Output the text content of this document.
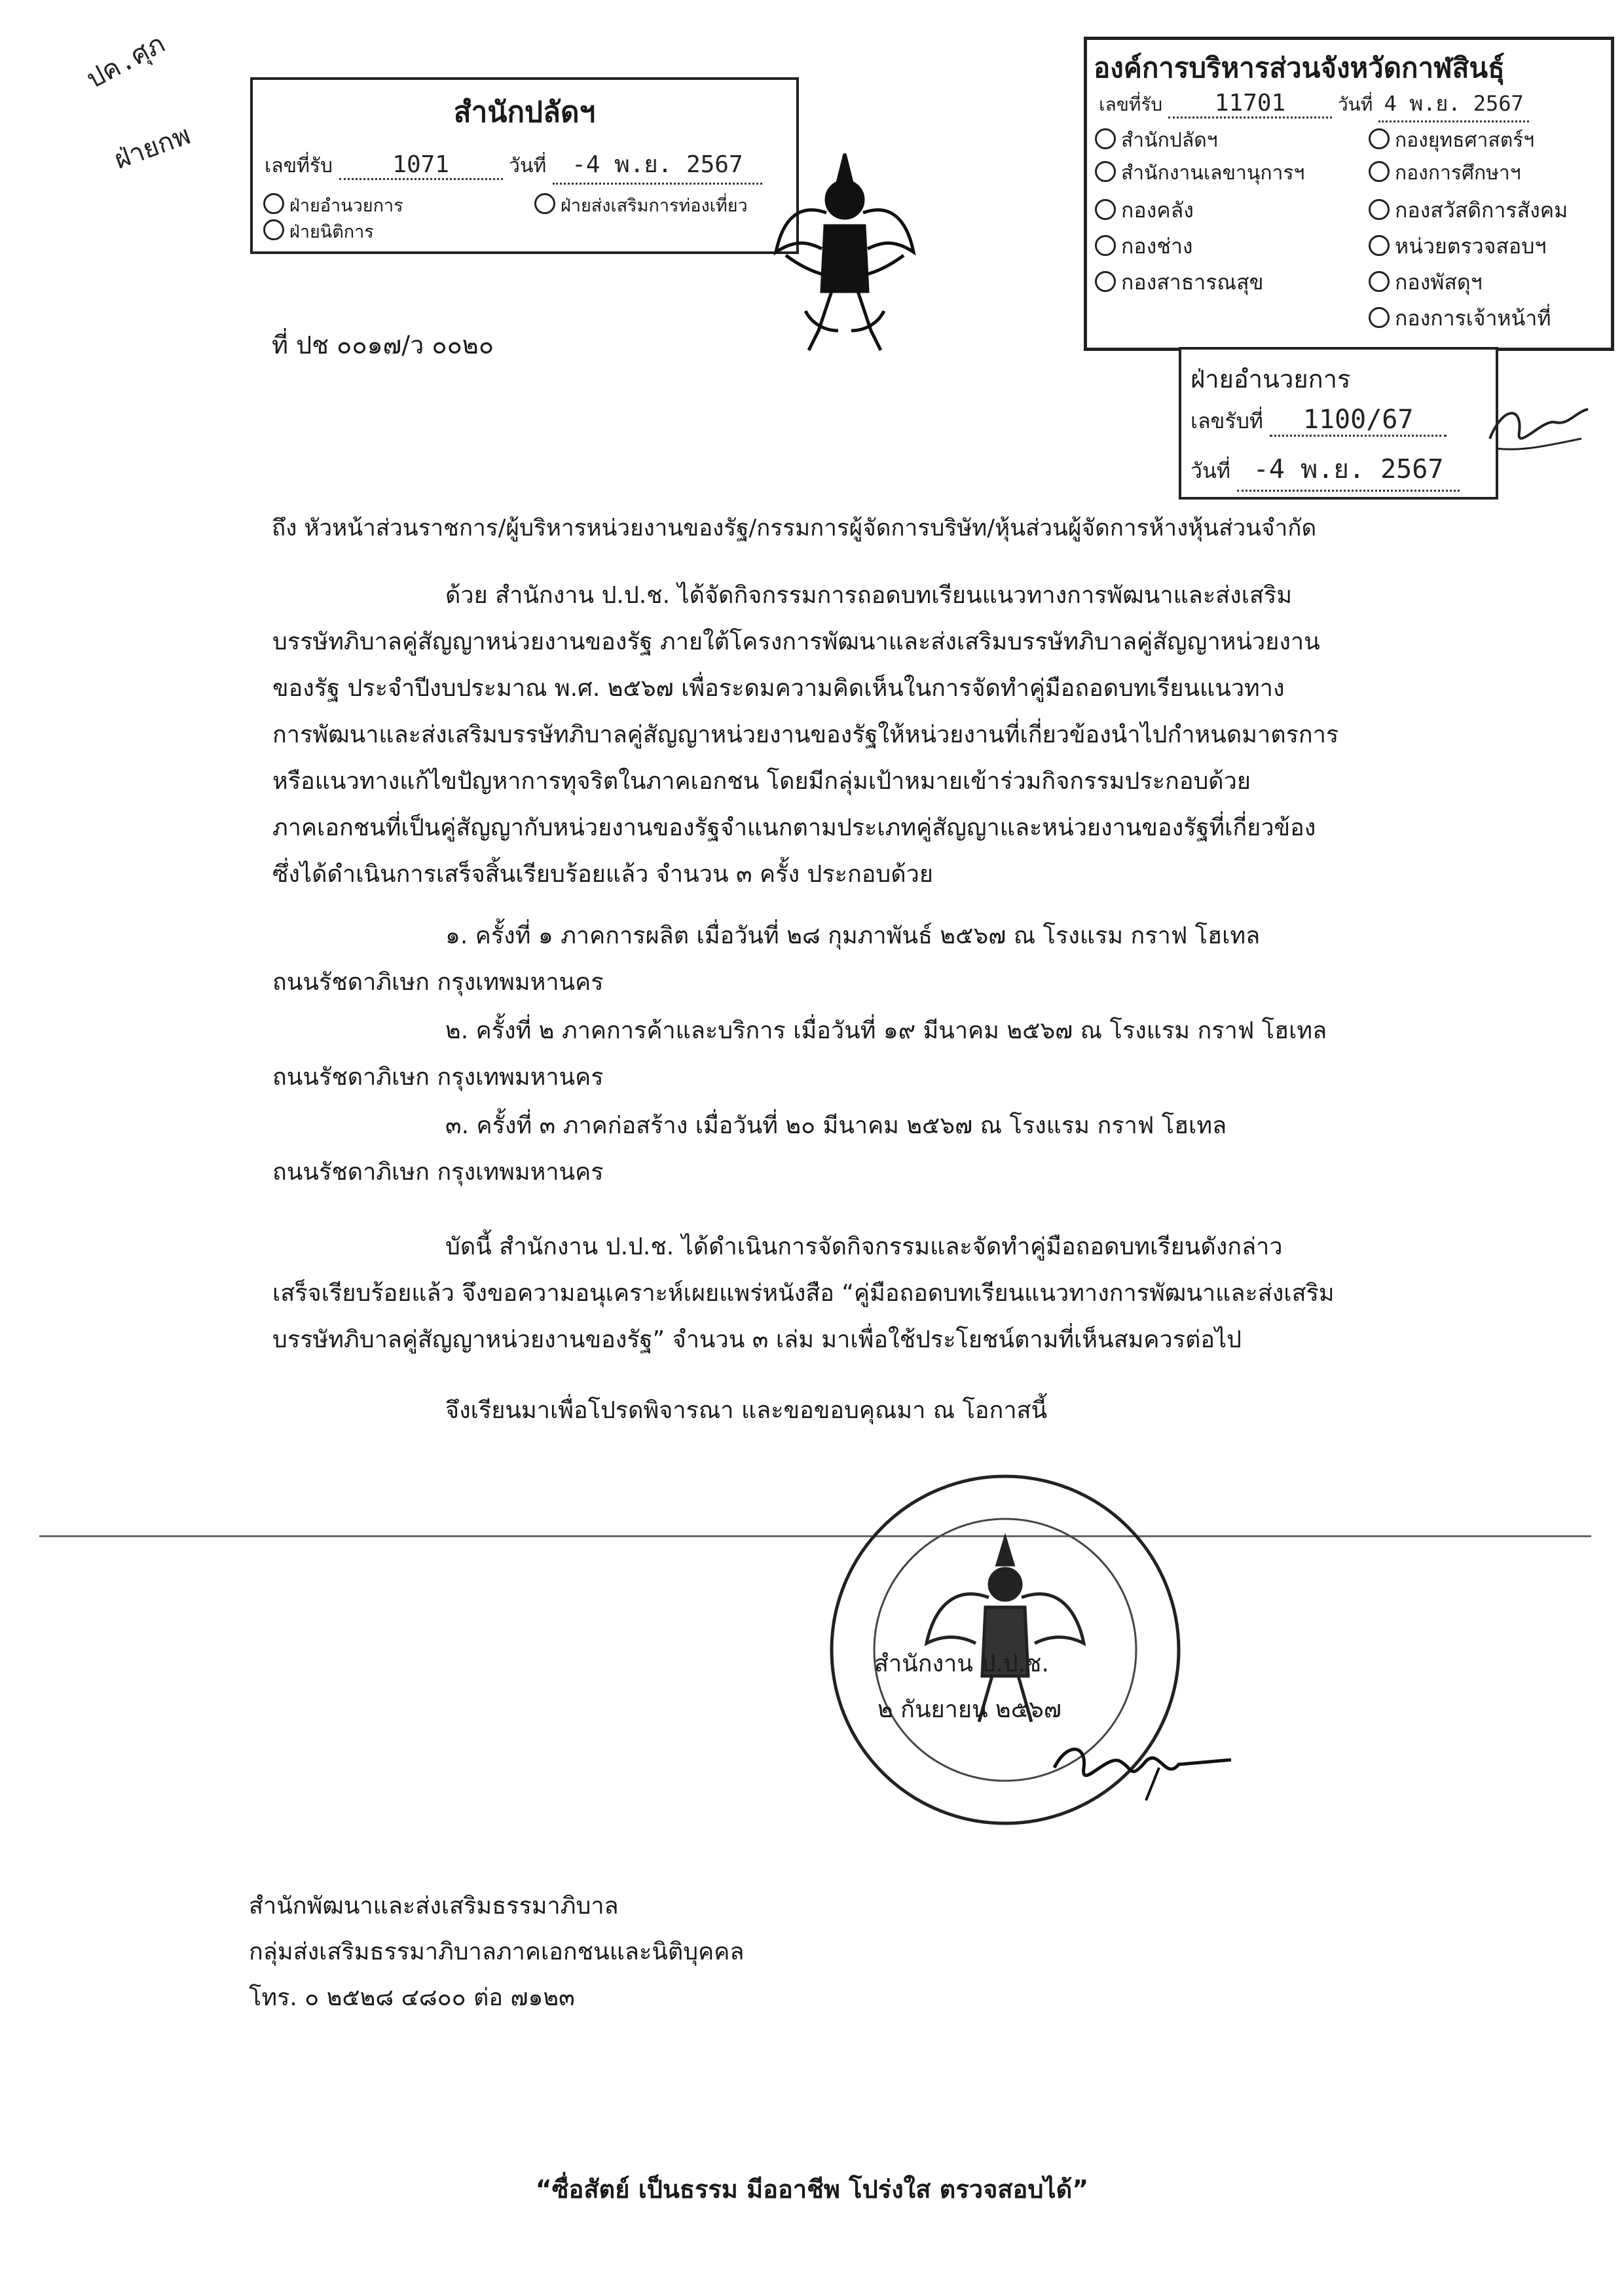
ปค.ศุภ
ฝ่ายกพ
สำนักปลัดฯ
เลขที่รับ	1071	วันที่ -4 พ.ย. 2567
ฝ่ายอำนวยการ
ฝ่ายนิติการ
ฝ่ายส่งเสริมการท่องเที่ยว
องค์การบริหารส่วนจังหวัดกาฬสินธุ์
เลขที่รับ 11701	วันที่ 4 พ.ย. 2567
สำนักปลัดฯ
สำนักงานเลขานุการฯ
กองคลัง
กองช่าง
กองสาธารณสุข
กองยุทธศาสตร์ฯ
กองการศึกษาฯ
กองสวัสดิการสังคม
หน่วยตรวจสอบฯ
กองพัสดุฯ
กองการเจ้าหน้าที่
ฝ่ายอำนวยการ
เลขรับที่ 1100/67
วันที่ -4 พ.ย. 2567
ที่ ปช ๐๐๑๗/ว ๐๐๒๐
ถึง หัวหน้าส่วนราชการ/ผู้บริหารหน่วยงานของรัฐ/กรรมการผู้จัดการบริษัท/หุ้นส่วนผู้จัดการห้างหุ้นส่วนจำกัด
ด้วย สำนักงาน ป.ป.ช. ได้จัดกิจกรรมการถอดบทเรียนแนวทางการพัฒนาและส่งเสริม
บรรษัทภิบาลคู่สัญญาหน่วยงานของรัฐ ภายใต้โครงการพัฒนาและส่งเสริมบรรษัทภิบาลคู่สัญญาหน่วยงาน
ของรัฐ ประจำปีงบประมาณ พ.ศ. ๒๕๖๗ เพื่อระดมความคิดเห็นในการจัดทำคู่มือถอดบทเรียนแนวทาง
การพัฒนาและส่งเสริมบรรษัทภิบาลคู่สัญญาหน่วยงานของรัฐให้หน่วยงานที่เกี่ยวข้องนำไปกำหนดมาตรการ
หรือแนวทางแก้ไขปัญหาการทุจริตในภาคเอกชน โดยมีกลุ่มเป้าหมายเข้าร่วมกิจกรรมประกอบด้วย
ภาคเอกชนที่เป็นคู่สัญญากับหน่วยงานของรัฐจำแนกตามประเภทคู่สัญญาและหน่วยงานของรัฐที่เกี่ยวข้อง
ซึ่งได้ดำเนินการเสร็จสิ้นเรียบร้อยแล้ว จำนวน ๓ ครั้ง ประกอบด้วย
๑. ครั้งที่ ๑ ภาคการผลิต เมื่อวันที่ ๒๘ กุมภาพันธ์ ๒๕๖๗ ณ โรงแรม กราฟ โฮเทล
ถนนรัชดาภิเษก กรุงเทพมหานคร
๒. ครั้งที่ ๒ ภาคการค้าและบริการ เมื่อวันที่ ๑๙ มีนาคม ๒๕๖๗ ณ โรงแรม กราฟ โฮเทล
ถนนรัชดาภิเษก กรุงเทพมหานคร
๓. ครั้งที่ ๓ ภาคก่อสร้าง เมื่อวันที่ ๒๐ มีนาคม ๒๕๖๗ ณ โรงแรม กราฟ โฮเทล
ถนนรัชดาภิเษก กรุงเทพมหานคร
บัดนี้ สำนักงาน ป.ป.ช. ได้ดำเนินการจัดกิจกรรมและจัดทำคู่มือถอดบทเรียนดังกล่าว
เสร็จเรียบร้อยแล้ว จึงขอความอนุเคราะห์เผยแพร่หนังสือ “คู่มือถอดบทเรียนแนวทางการพัฒนาและส่งเสริม
บรรษัทภิบาลคู่สัญญาหน่วยงานของรัฐ” จำนวน ๓ เล่ม มาเพื่อใช้ประโยชน์ตามที่เห็นสมควรต่อไป
จึงเรียนมาเพื่อโปรดพิจารณา และขอขอบคุณมา ณ โอกาสนี้
สำนักงาน ป.ป.ช.
๒ กันยายน ๒๕๖๗
สำนักพัฒนาและส่งเสริมธรรมาภิบาล
กลุ่มส่งเสริมธรรมาภิบาลภาคเอกชนและนิติบุคคล
โทร. ๐ ๒๕๒๘ ๔๘๐๐ ต่อ ๗๑๒๓
“ซื่อสัตย์ เป็นธรรม มีออาชีพ โปร่งใส ตรวจสอบได้”
